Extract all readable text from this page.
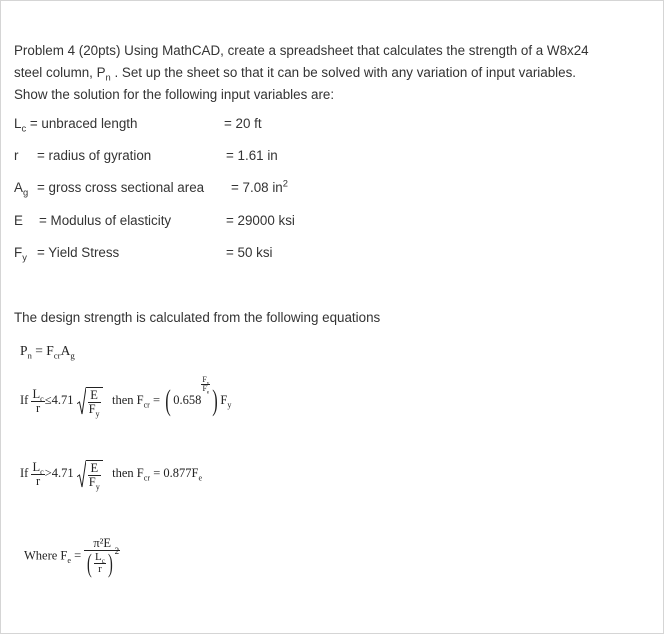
Problem 4 (20pts) Using MathCAD, create a spreadsheet that calculates the strength of a W8x24

steel column, $P_n$ . Set up the sheet so that it can be solved with any variation of input variables.

Show the solution for the following input variables are:

$L_c$ = unbraced length	= 20 ft
r = radius of gyration	= 1.61 in
$A_g$ = gross cross sectional area = 7.08 $in^2$
E = Modulus of elasticity	= 29000 ksi
$F_y$ = Yield Stress	= 50 ksi
The design strength is calculated from the following equations
$P_n = F_{cr}A_g$
If $\frac{L_c}{r} \le 4.71 \frac{E}{F_y}$ then $F_{cr}$ = ( 0.658
$\frac{F_y}{F_e}$ ) $F_y$
If $\frac{L_c}{r} >4.71 \frac{E}{F_y}$ then $F_{cr} = 0.877F_e$
Where $F_e = \frac{\text{π²E}}{( \frac{L_c}{r} ) ^2}$
